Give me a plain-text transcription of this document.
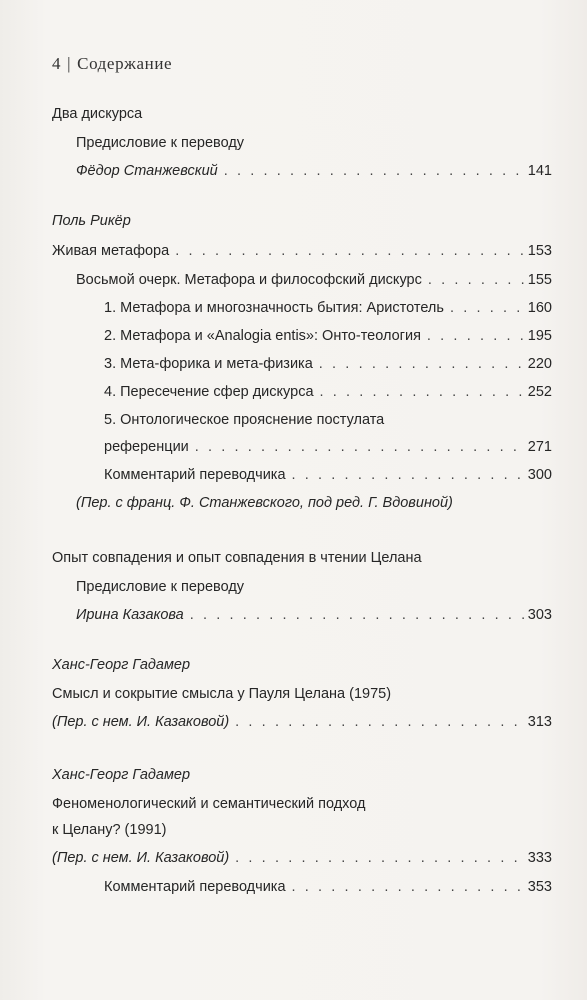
4 | Содержание
Два дискурса
Предисловие к переводу
Фёдор Станжевский . . .	141
Поль Рикёр
Живая метафора . . .	153
Восьмой очерк. Метафора и философский дискурс . . .	155
1. Метафора и многозначность бытия: Аристотель . . .	160
2. Метафора и «Analogia entis»: Онто-теология . . .	195
3. Мета-форика и мета-физика . . .	220
4. Пересечение сфер дискурса . . .	252
5. Онтологическое прояснение постулата
референции . . .	271
Комментарий переводчика . . .	300
(Пер. с франц. Ф. Станжевского, под ред. Г. Вдовиной)
Опыт совпадения и опыт совпадения в чтении Целана
Предисловие к переводу
Ирина Казакова . . .	303
Ханс-Георг Гадамер
Смысл и сокрытие смысла у Пауля Целана (1975)
(Пер. с нем. И. Казаковой) . . .	313
Ханс-Георг Гадамер
Феноменологический и семантический подход
к Целану? (1991)
(Пер. с нем. И. Казаковой) . . .	333
Комментарий переводчика . . .	353
